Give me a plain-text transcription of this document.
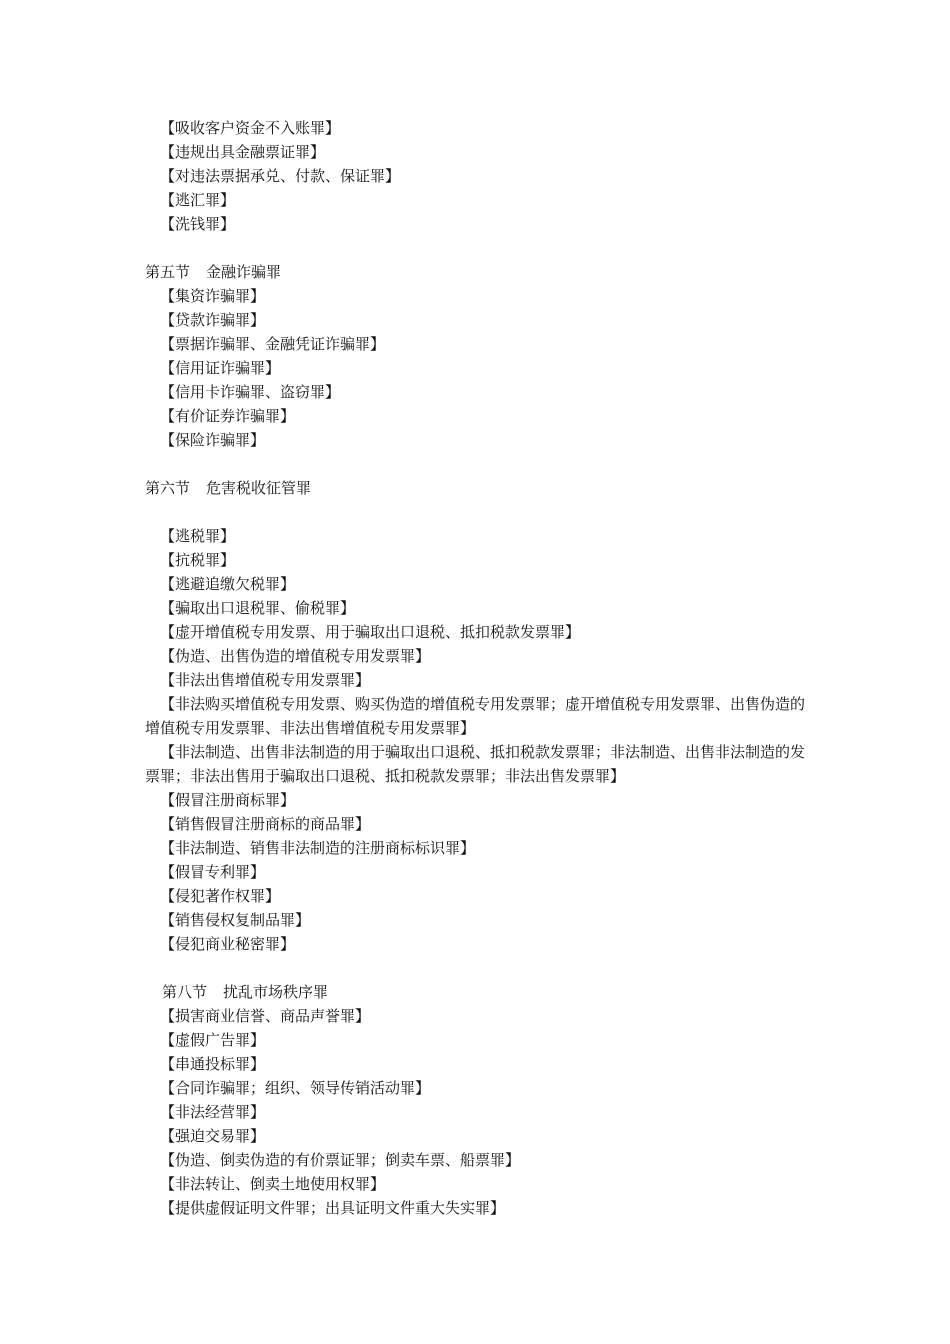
【吸收客户资金不入账罪】
【违规出具金融票证罪】
【对违法票据承兑、付款、保证罪】
【逃汇罪】
【洗钱罪】
第五节 金融诈骗罪
【集资诈骗罪】
【贷款诈骗罪】
【票据诈骗罪、金融凭证诈骗罪】
【信用证诈骗罪】
【信用卡诈骗罪、盗窃罪】
【有价证券诈骗罪】
【保险诈骗罪】
第六节 危害税收征管罪
【逃税罪】
【抗税罪】
【逃避追缴欠税罪】
【骗取出口退税罪、偷税罪】
【虚开增值税专用发票、用于骗取出口退税、抵扣税款发票罪】
【伪造、出售伪造的增值税专用发票罪】
【非法出售增值税专用发票罪】
【非法购买增值税专用发票、购买伪造的增值税专用发票罪；虚开增值税专用发票罪、出售伪造的增值税专用发票罪、非法出售增值税专用发票罪】
【非法制造、出售非法制造的用于骗取出口退税、抵扣税款发票罪；非法制造、出售非法制造的发票罪；非法出售用于骗取出口退税、抵扣税款发票罪；非法出售发票罪】
【假冒注册商标罪】
【销售假冒注册商标的商品罪】
【非法制造、销售非法制造的注册商标标识罪】
【假冒专利罪】
【侵犯著作权罪】
【销售侵权复制品罪】
【侵犯商业秘密罪】
第八节 扰乱市场秩序罪
【损害商业信誉、商品声誉罪】
【虚假广告罪】
【串通投标罪】
【合同诈骗罪；组织、领导传销活动罪】
【非法经营罪】
【强迫交易罪】
【伪造、倒卖伪造的有价票证罪；倒卖车票、船票罪】
【非法转让、倒卖土地使用权罪】
【提供虚假证明文件罪；出具证明文件重大失实罪】
